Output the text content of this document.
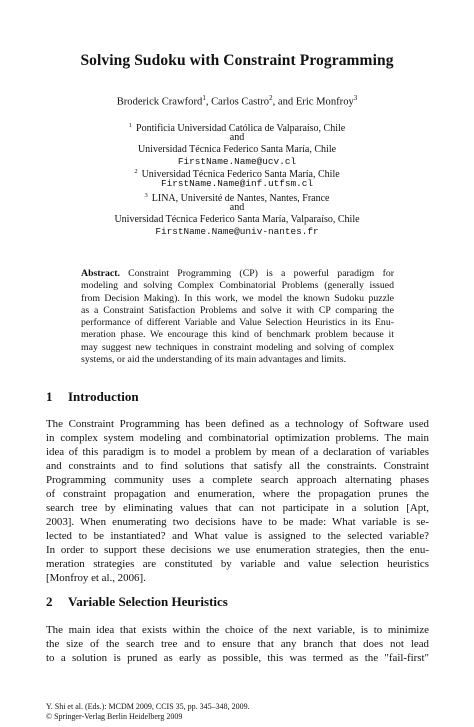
Solving Sudoku with Constraint Programming
Broderick Crawford$^1$, Carlos Castro$^2$, and Eric Monfroy$^3$
$^1$ Pontificia Universidad Católica de Valparaíso, Chile
and
Universidad Técnica Federico Santa María, Chile
FirstName.Name@ucv.cl
$^2$ Universidad Técnica Federico Santa María, Chile
FirstName.Name@inf.utfsm.cl
$^3$ LINA, Université de Nantes, Nantes, France
and
Universidad Técnica Federico Santa María, Valparaíso, Chile
FirstName.Name@univ-nantes.fr
Abstract. Constraint Programming (CP) is a powerful paradigm for
modeling and solving Complex Combinatorial Problems (generally issued
from Decision Making). In this work, we model the known Sudoku puzzle
as a Constraint Satisfaction Problems and solve it with CP comparing the
performance of different Variable and Value Selection Heuristics in its Enu-
meration phase. We encourage this kind of benchmark problem because it
may suggest new techniques in constraint modeling and solving of complex
systems, or aid the understanding of its main advantages and limits.
1 Introduction
The Constraint Programming has been defined as a technology of Software used
in complex system modeling and combinatorial optimization problems. The main
idea of this paradigm is to model a problem by mean of a declaration of variables
and constraints and to find solutions that satisfy all the constraints. Constraint
Programming community uses a complete search approach alternating phases
of constraint propagation and enumeration, where the propagation prunes the
search tree by eliminating values that can not participate in a solution [Apt,
2003]. When enumerating two decisions have to be made: What variable is se-
lected to be instantiated? and What value is assigned to the selected variable?
In order to support these decisions we use enumeration strategies, then the enu-
meration strategies are constituted by variable and value selection heuristics
[Monfroy et al., 2006].
2 Variable Selection Heuristics
The main idea that exists within the choice of the next variable, is to minimize
the size of the search tree and to ensure that any branch that does not lead
to a solution is pruned as early as possible, this was termed as the "fail-first"
Y. Shi et al. (Eds.): MCDM 2009, CCIS 35, pp. 345–348, 2009.
© Springer-Verlag Berlin Heidelberg 2009
